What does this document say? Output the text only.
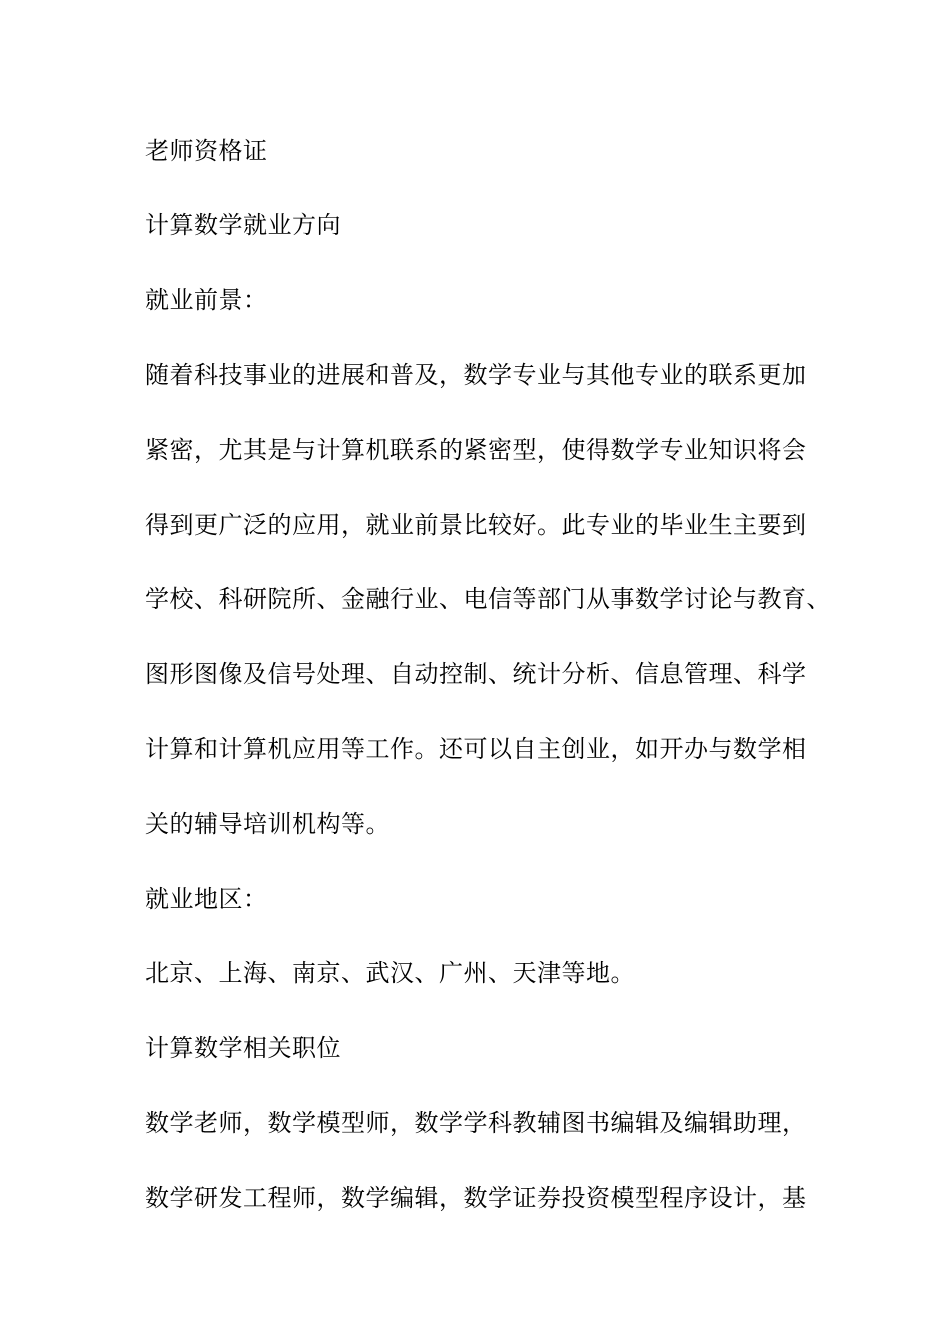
老师资格证
计算数学就业方向
就业前景：
随着科技事业的进展和普及，数学专业与其他专业的联系更加
紧密，尤其是与计算机联系的紧密型，使得数学专业知识将会
得到更广泛的应用，就业前景比较好。此专业的毕业生主要到
学校、科研院所、金融行业、电信等部门从事数学讨论与教育、
图形图像及信号处理、自动控制、统计分析、信息管理、科学
计算和计算机应用等工作。还可以自主创业，如开办与数学相
关的辅导培训机构等。
就业地区：
北京、上海、南京、武汉、广州、天津等地。
计算数学相关职位
数学老师，数学模型师，数学学科教辅图书编辑及编辑助理，
数学研发工程师，数学编辑，数学证券投资模型程序设计，基
